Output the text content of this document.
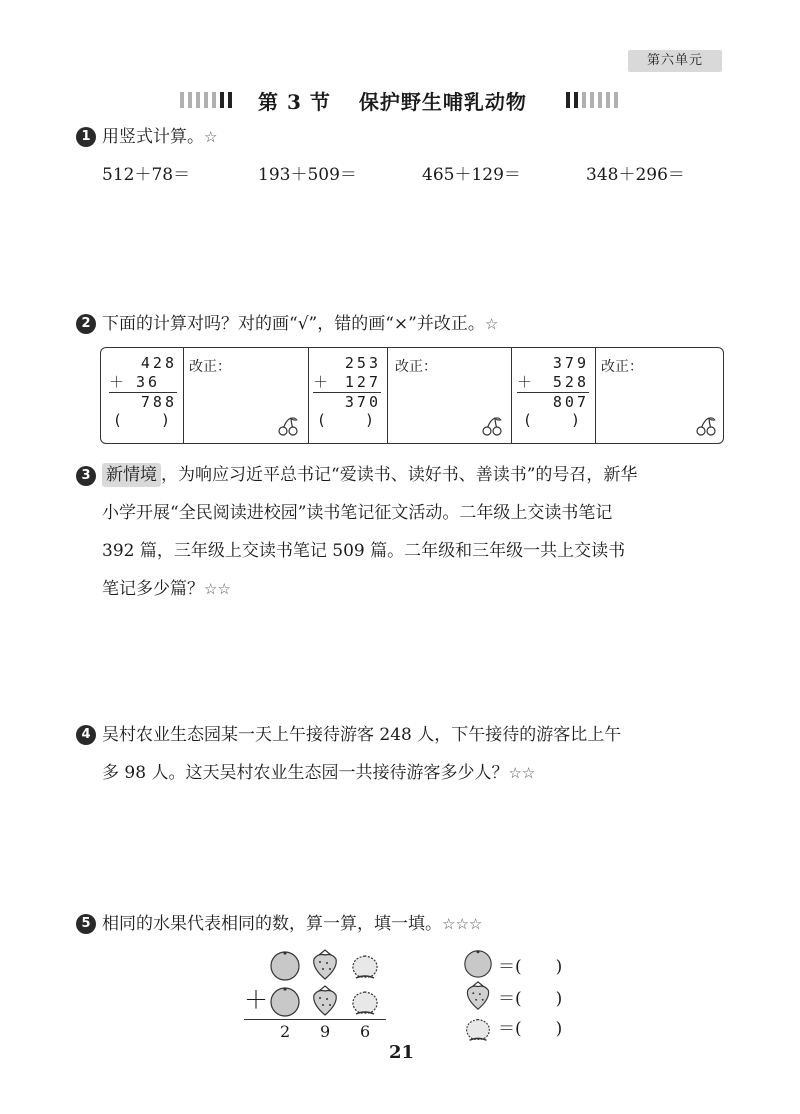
第六单元
第 3 节 保护野生哺乳动物
1 用竖式计算。☆
512＋78＝	193＋509＝	465＋129＝	348＋296＝
2 下面的计算对吗？对的画“√”，错的画“×”并改正。☆
428
＋ 36
788
(   )
改正：	253
＋ 127
370
(   )
改正：	379
＋ 528
807
(   )
改正：
3 新情境 ，为响应习近平总书记“爱读书、读好书、善读书”的号召，新华
小学开展“全民阅读进校园”读书笔记征文活动。二年级上交读书笔记
392 篇，三年级上交读书笔记 509 篇。二年级和三年级一共上交读书
笔记多少篇？☆☆
4 吴村农业生态园某一天上午接待游客 248 人，下午接待的游客比上午
多 98 人。这天吴村农业生态园一共接待游客多少人？☆☆
5 相同的水果代表相同的数，算一算，填一填。☆☆☆
＋
2 9 6
＝(　　)
＝(　　)
＝(　　)
21
